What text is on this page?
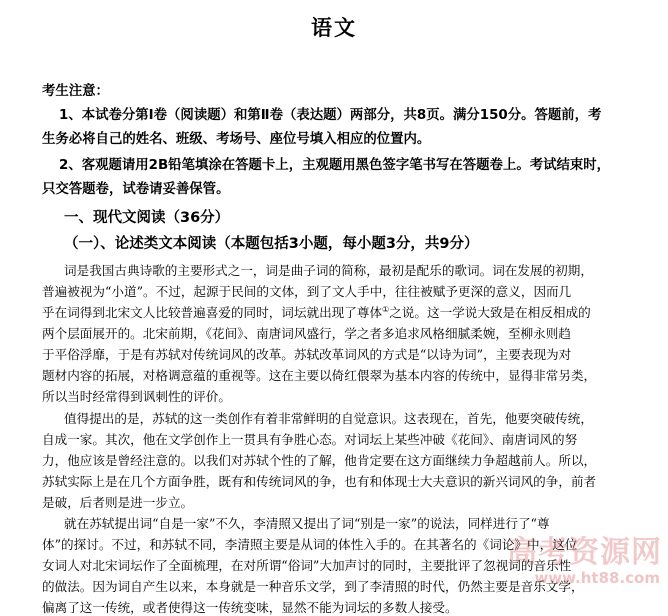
语文
考生注意：
1、本试卷分第Ⅰ卷（阅读题）和第Ⅱ卷（表达题）两部分，共8页。满分150分。答题前，考
生务必将自己的姓名、班级、考场号、座位号填入相应的位置内。
2、客观题请用2B铅笔填涂在答题卡上，主观题用黑色签字笔书写在答题卷上。考试结束时，
只交答题卷，试卷请妥善保管。
一、现代文阅读（36分）
（一）、论述类文本阅读（本题包括3小题，每小题3分，共9分）
词是我国古典诗歌的主要形式之一，词是曲子词的简称，最初是配乐的歌词。词在发展的初期，
普遍被视为“小道”。不过，起源于民间的文体，到了文人手中，往往被赋予更深的意义，因而几
乎在词得到北宋文人比较普遍喜爱的同时，词坛就出现了尊体①之说。这一学说大致是在相反相成的
两个层面展开的。北宋前期，《花间》、南唐词风盛行，学之者多追求风格细腻柔婉，至柳永则趋
于平俗浮靡，于是有苏轼对传统词风的改革。苏轼改革词风的方式是“以诗为词”，主要表现为对
题材内容的拓展，对格调意蕴的重视等。这在主要以倚红偎翠为基本内容的传统中，显得非常另类，
所以当时经常得到讽刺性的评价。
值得提出的是，苏轼的这一类创作有着非常鲜明的自觉意识。这表现在，首先，他要突破传统，
自成一家。其次，他在文学创作上一贯具有争胜心态。对词坛上某些冲破《花间》、南唐词风的努
力，他应该是曾经注意的。以我们对苏轼个性的了解，他肯定要在这方面继续力争超越前人。所以，
苏轼实际上是在几个方面争胜，既有和传统词风的争，也有和体现士大夫意识的新兴词风的争，前者
是破，后者则是进一步立。
就在苏轼提出词“自是一家”不久，李清照又提出了词“别是一家”的说法，同样进行了“尊
体”的探讨。不过，和苏轼不同，李清照主要是从词的体性入手的。在其著名的《词论》中，这位
女词人对北宋词坛作了全面梳理，在对所谓“俗词”大加声讨的同时，主要批评了忽视词的音乐性
的做法。因为词自产生以来，本身就是一种音乐文学，到了李清照的时代，仍然主要是音乐文学，
偏离了这一传统，或者使得这一传统变味，显然不能为词坛的多数人接受。
高考资源网
www.ht88.com
